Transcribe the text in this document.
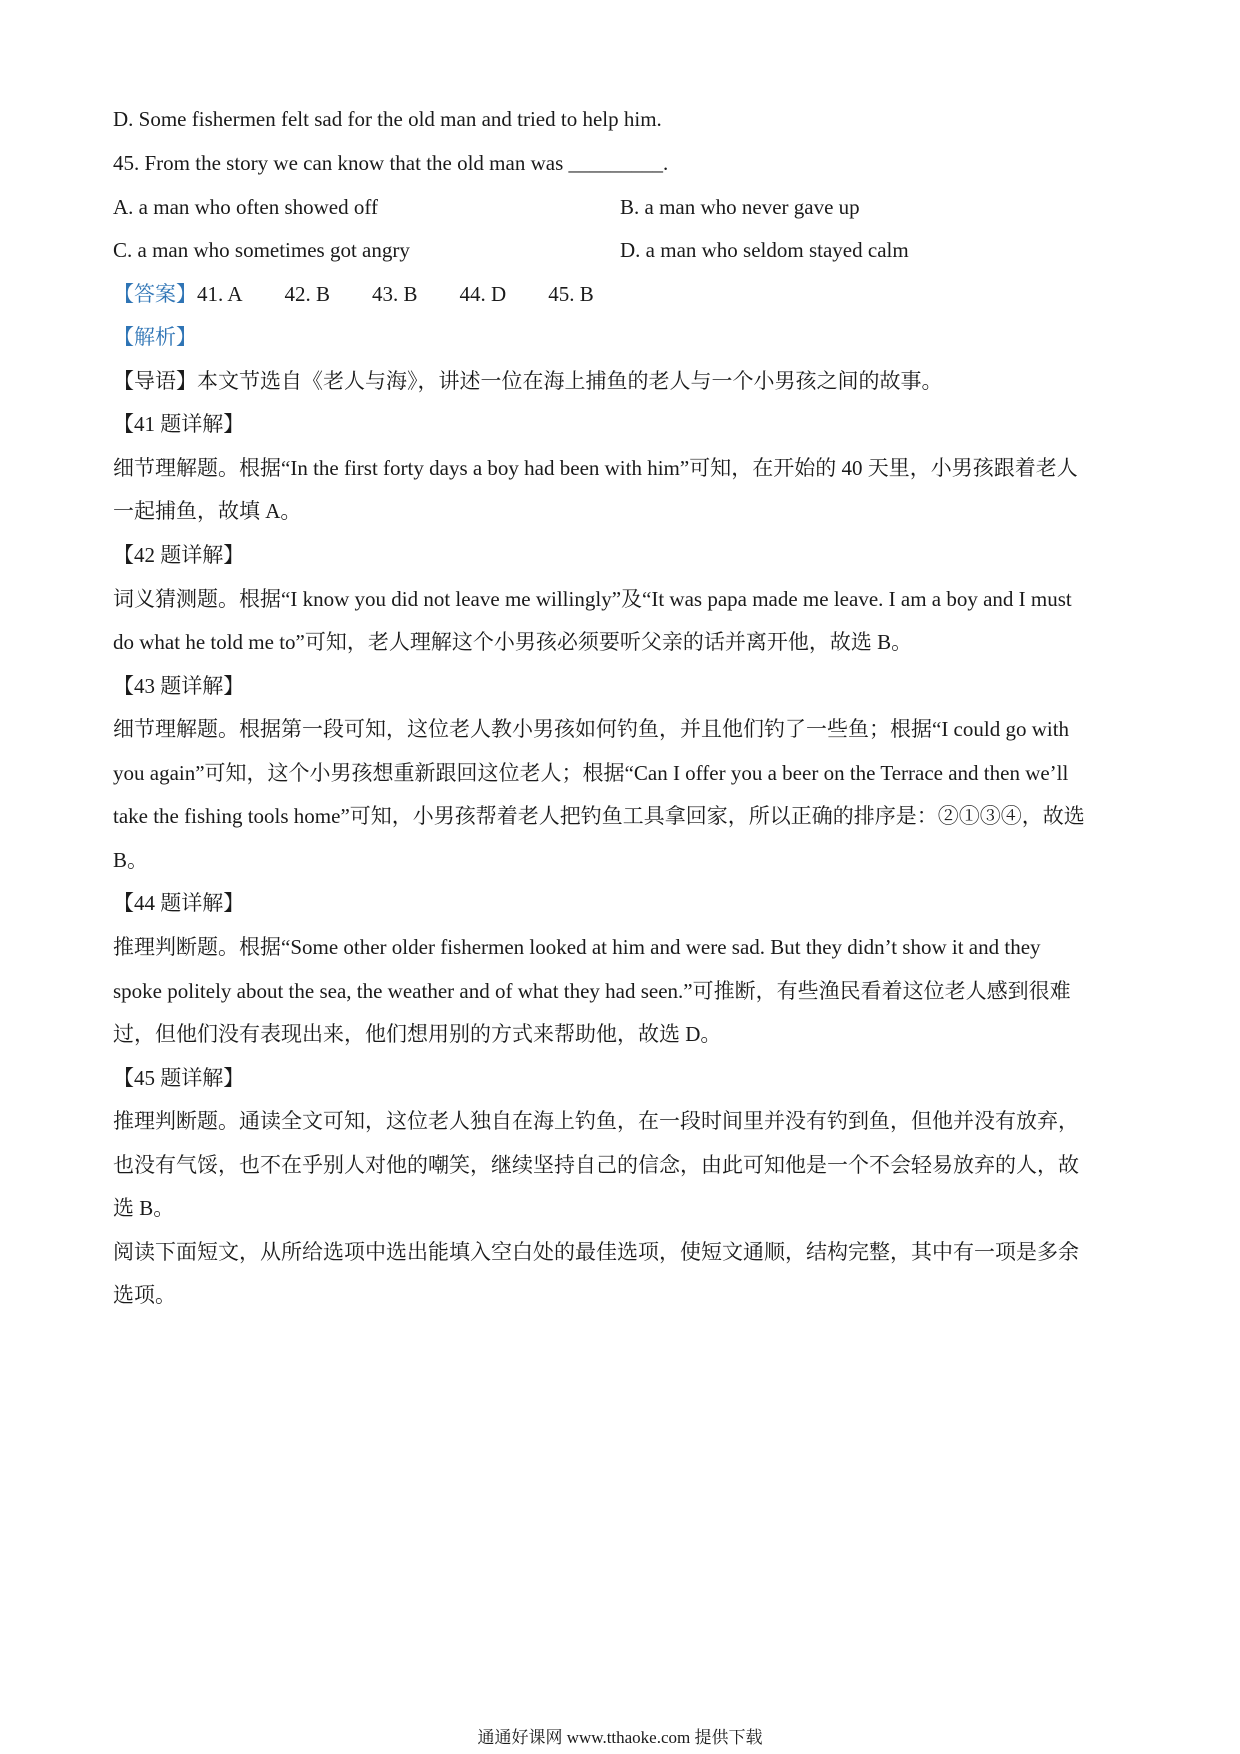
D. Some fishermen felt sad for the old man and tried to help him.
45. From the story we can know that the old man was _________.
A. a man who often showed off	B. a man who never gave up
C. a man who sometimes got angry	D. a man who seldom stayed calm
【答案】41. A 42. B 43. B 44. D 45. B
【解析】
【导语】本文节选自《老人与海》，讲述一位在海上捕鱼的老人与一个小男孩之间的故事。
【41 题详解】
细节理解题。根据“In the first forty days a boy had been with him”可知，在开始的 40 天里，小男孩跟着老人
一起捕鱼，故填 A。
【42 题详解】
词义猜测题。根据“I know you did not leave me willingly”及“It was papa made me leave. I am a boy and I must
do what he told me to”可知，老人理解这个小男孩必须要听父亲的话并离开他，故选 B。
【43 题详解】
细节理解题。根据第一段可知，这位老人教小男孩如何钓鱼，并且他们钓了一些鱼；根据“I could go with
you again”可知，这个小男孩想重新跟回这位老人；根据“Can I offer you a beer on the Terrace and then we’ll
take the fishing tools home”可知，小男孩帮着老人把钓鱼工具拿回家，所以正确的排序是：②①③④，故选
B。
【44 题详解】
推理判断题。根据“Some other older fishermen looked at him and were sad. But they didn’t show it and they
spoke politely about the sea, the weather and of what they had seen.”可推断，有些渔民看着这位老人感到很难
过，但他们没有表现出来，他们想用别的方式来帮助他，故选 D。
【45 题详解】
推理判断题。通读全文可知，这位老人独自在海上钓鱼，在一段时间里并没有钓到鱼，但他并没有放弃，
也没有气馁，也不在乎别人对他的嘲笑，继续坚持自己的信念，由此可知他是一个不会轻易放弃的人，故
选 B。
阅读下面短文，从所给选项中选出能填入空白处的最佳选项，使短文通顺，结构完整，其中有一项是多余
选项。
通通好课网 www.tthaoke.com 提供下载
